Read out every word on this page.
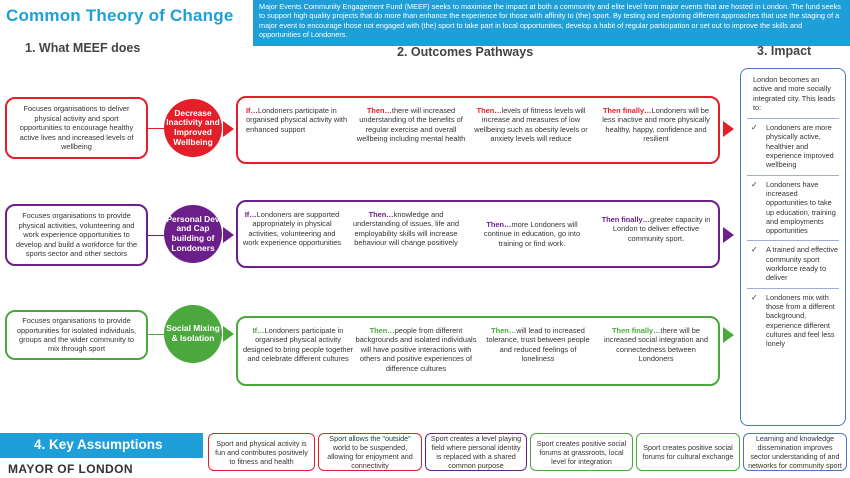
Common Theory of Change	Major Events Community Engagement Fund (MEEF) seeks to maximise the impact at both a community and elite level from major events that are hosted in London. The fund seeks to support high quality projects that do more than enhance the experience for those with affinity to (the) sport. By testing and exploring different approaches that use the staging of a major event to encourage those not engaged with (the) sport to take part in local opportunities, develop a habit of regular participation or set out to improve the skills and opportunities of Londoners.
1. What MEEF does	2. Outcomes Pathways	3. Impact
Focuses organisations to deliver physical activity and sport opportunities to encourage healthy active lives and increased levels of wellbeing
Decrease Inactivity and Improved Wellbeing
If…Londoners participate in organised physical activity with enhanced support
Then…there will increased understanding of the benefits of regular exercise and overall wellbeing including mental health
Then…levels of fitness levels will increase and measures of low wellbeing such as obesity levels or anxiety levels will reduce
Then finally…Londoners will be less inactive and more physically healthy, happy, confidence and resilient
Focuses organisations to provide physical activities, volunteering and work experience opportunities to develop and build a workforce for the sports sector and other sectors
Personal Dev and Cap building of Londoners
If…Londoners are supported appropriately in physical activities, volunteering and work experience opportunities
Then…knowledge and understanding of issues, life and employability skills will increase behaviour will change positively
Then…more Londoners will continue in education, go into training or find work.
Then finally…greater capacity in London to deliver effective community sport.
Focuses organisations to provide opportunities for isolated individuals, groups and the wider community to mix through sport
Social Mixing & Isolation
If…Londoners participate in organised physical activity designed to bring people together and celebrate different cultures
Then…people from different backgrounds and isolated individuals will have positive interactions with others and positive experiences of difference cultures
Then…will lead to increased tolerance, trust between people and reduced feelings of loneliness
Then finally…there will be increased social integration and connectedness between Londoners
London becomes an active and more socially integrated city. This leads to:
✓ Londoners are more physically active, healthier and experience improved wellbeing
✓ Londoners have increased opportunities to take up education, training and employments opportunities
✓ A trained and effective community sport workforce ready to deliver
✓ Londoners mix with those from a different background, experience different cultures and feel less lonely
4. Key Assumptions
MAYOR OF LONDON
Sport and physical activity is fun and contributes positively to fitness and health
Sport allows the "outside" world to be suspended, allowing for enjoyment and connectivity
Sport creates a level playing field where personal identity is replaced with a shared common purpose
Sport creates positive social forums at grassroots, local level for integration
Sport creates positive social forums for cultural exchange
Learning and knowledge dissemination improves sector understanding of and networks for community sport
